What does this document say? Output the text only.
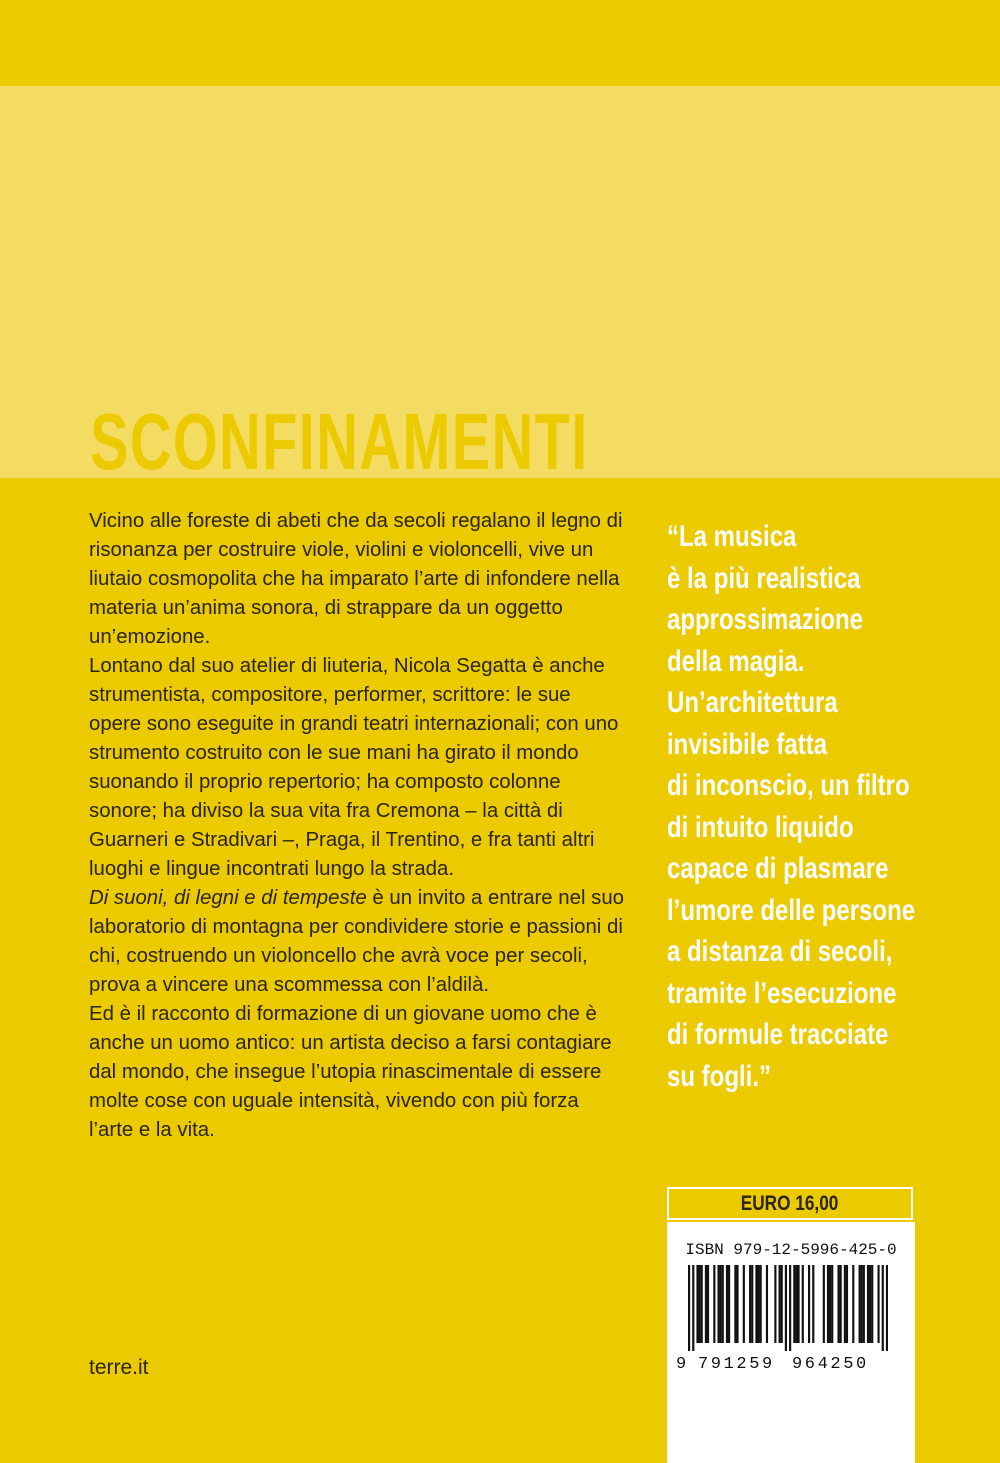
SCONFINAMENTI

Vicino alle foreste di abeti che da secoli regalano il legno di risonanza per costruire viole, violini e violoncelli, vive un liutaio cosmopolita che ha imparato l’arte di infondere nella materia un’anima sonora, di strappare da un oggetto un’emozione.

Lontano dal suo atelier di liuteria, Nicola Segatta è anche strumentista, compositore, performer, scrittore: le sue opere sono eseguite in grandi teatri internazionali; con uno strumento costruito con le sue mani ha girato il mondo suonando il proprio repertorio; ha composto colonne sonore; ha diviso la sua vita fra Cremona – la città di Guarneri e Stradivari –, Praga, il Trentino, e fra tanti altri luoghi e lingue incontrati lungo la strada.

Di suoni, di legni e di tempeste è un invito a entrare nel suo laboratorio di montagna per condividere storie e passioni di chi, costruendo un violoncello che avrà voce per secoli, prova a vincere una scommessa con l’aldilà.

Ed è il racconto di formazione di un giovane uomo che è anche un uomo antico: un artista deciso a farsi contagiare dal mondo, che insegue l’utopia rinascimentale di essere molte cose con uguale intensità, vivendo con più forza l’arte e la vita.

“La musica
è la più realistica
approssimazione
della magia.
Un’architettura
invisibile fatta
di inconscio, un filtro
di intuito liquido
capace di plasmare
l’umore delle persone
a distanza di secoli,
tramite l’esecuzione
di formule tracciate
su fogli.”
EURO 16,00
ISBN 979-12-5996-425-0
9 791259 964250
terre.it
